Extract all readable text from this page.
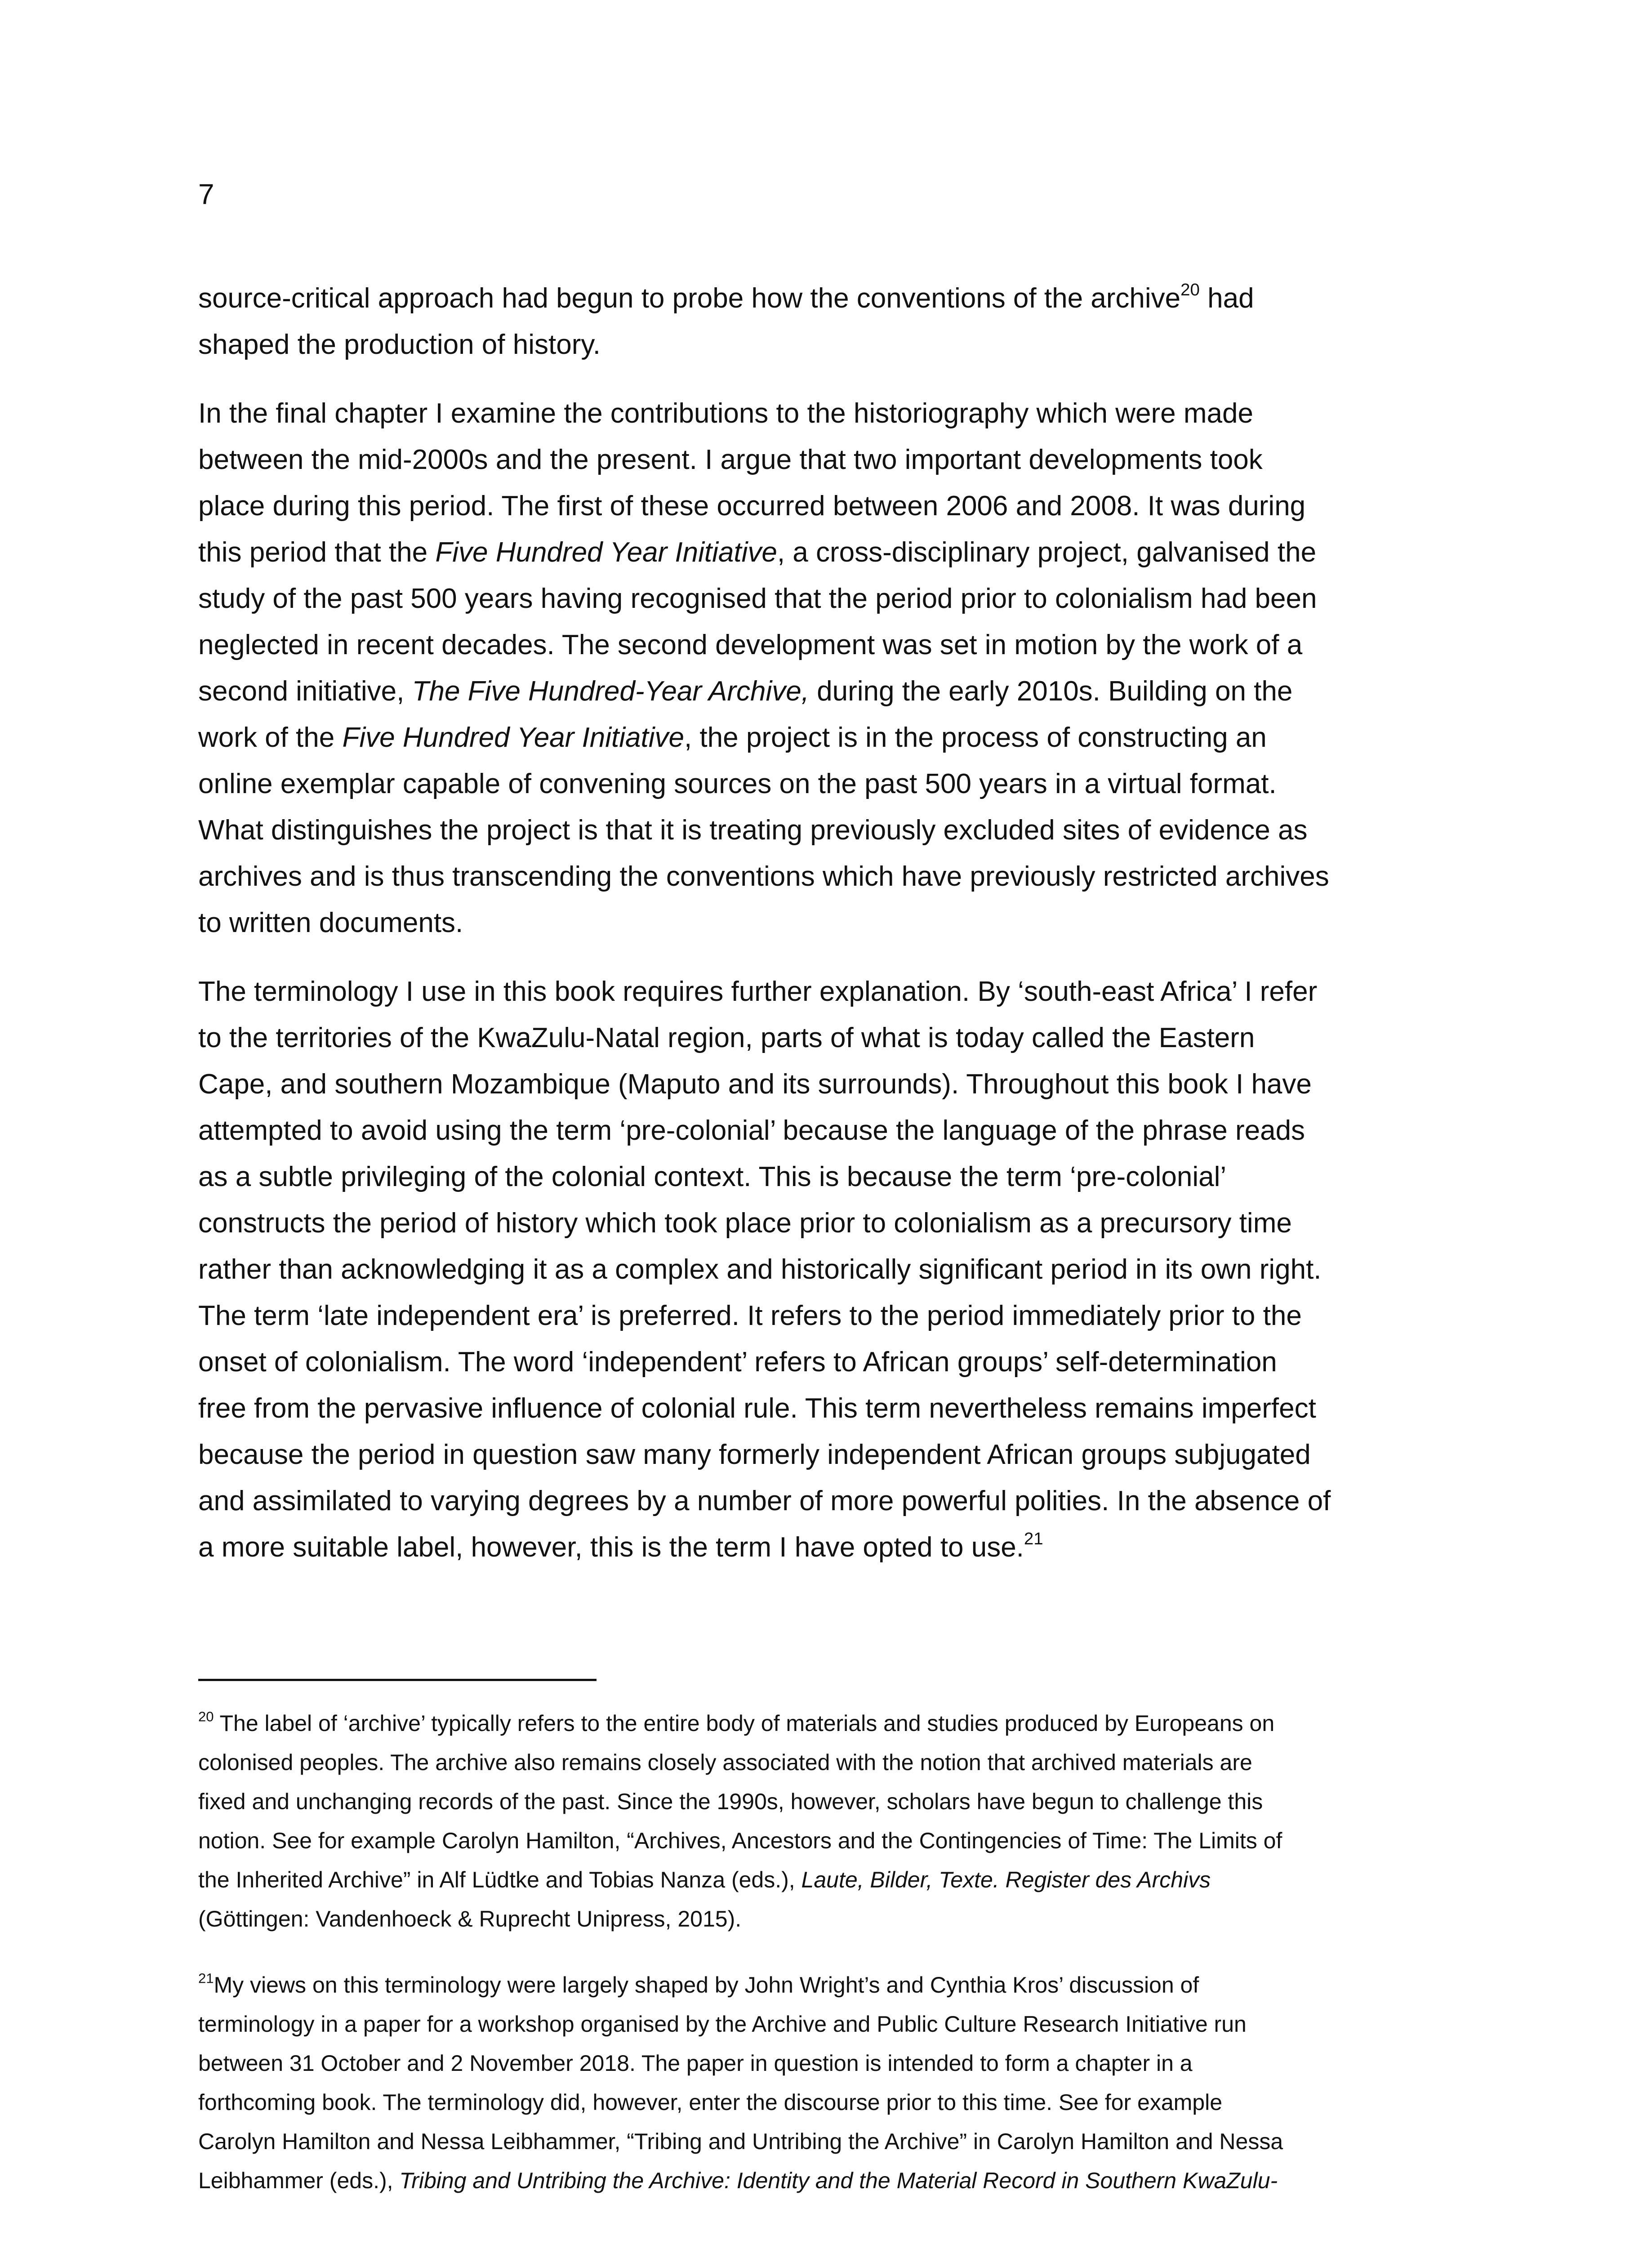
7

source-critical approach had begun to probe how the conventions of the archive$^{20}$ had
shaped the production of history.

In the final chapter I examine the contributions to the historiography which were made
between the mid-2000s and the present. I argue that two important developments took
place during this period. The first of these occurred between 2006 and 2008. It was during
this period that the Five Hundred Year Initiative, a cross-disciplinary project, galvanised the
study of the past 500 years having recognised that the period prior to colonialism had been
neglected in recent decades. The second development was set in motion by the work of a
second initiative, The Five Hundred-Year Archive, during the early 2010s. Building on the
work of the Five Hundred Year Initiative, the project is in the process of constructing an
online exemplar capable of convening sources on the past 500 years in a virtual format.
What distinguishes the project is that it is treating previously excluded sites of evidence as
archives and is thus transcending the conventions which have previously restricted archives
to written documents.

The terminology I use in this book requires further explanation. By ‘south-east Africa’ I refer
to the territories of the KwaZulu-Natal region, parts of what is today called the Eastern
Cape, and southern Mozambique (Maputo and its surrounds). Throughout this book I have
attempted to avoid using the term ‘pre-colonial’ because the language of the phrase reads
as a subtle privileging of the colonial context. This is because the term ‘pre-colonial’
constructs the period of history which took place prior to colonialism as a precursory time
rather than acknowledging it as a complex and historically significant period in its own right.
The term ‘late independent era’ is preferred. It refers to the period immediately prior to the
onset of colonialism. The word ‘independent’ refers to African groups’ self-determination
free from the pervasive influence of colonial rule. This term nevertheless remains imperfect
because the period in question saw many formerly independent African groups subjugated
and assimilated to varying degrees by a number of more powerful polities. In the absence of
a more suitable label, however, this is the term I have opted to use.$^{21}$

$^{20}$ The label of ‘archive’ typically refers to the entire body of materials and studies produced by Europeans on
colonised peoples. The archive also remains closely associated with the notion that archived materials are
fixed and unchanging records of the past. Since the 1990s, however, scholars have begun to challenge this
notion. See for example Carolyn Hamilton, “Archives, Ancestors and the Contingencies of Time: The Limits of
the Inherited Archive” in Alf Lüdtke and Tobias Nanza (eds.), Laute, Bilder, Texte. Register des Archivs
(Göttingen: Vandenhoeck & Ruprecht Unipress, 2015).
$^{21}$My views on this terminology were largely shaped by John Wright’s and Cynthia Kros’ discussion of
terminology in a paper for a workshop organised by the Archive and Public Culture Research Initiative run
between 31 October and 2 November 2018. The paper in question is intended to form a chapter in a
forthcoming book. The terminology did, however, enter the discourse prior to this time. See for example
Carolyn Hamilton and Nessa Leibhammer, “Tribing and Untribing the Archive” in Carolyn Hamilton and Nessa
Leibhammer (eds.), Tribing and Untribing the Archive: Identity and the Material Record in Southern KwaZulu-
